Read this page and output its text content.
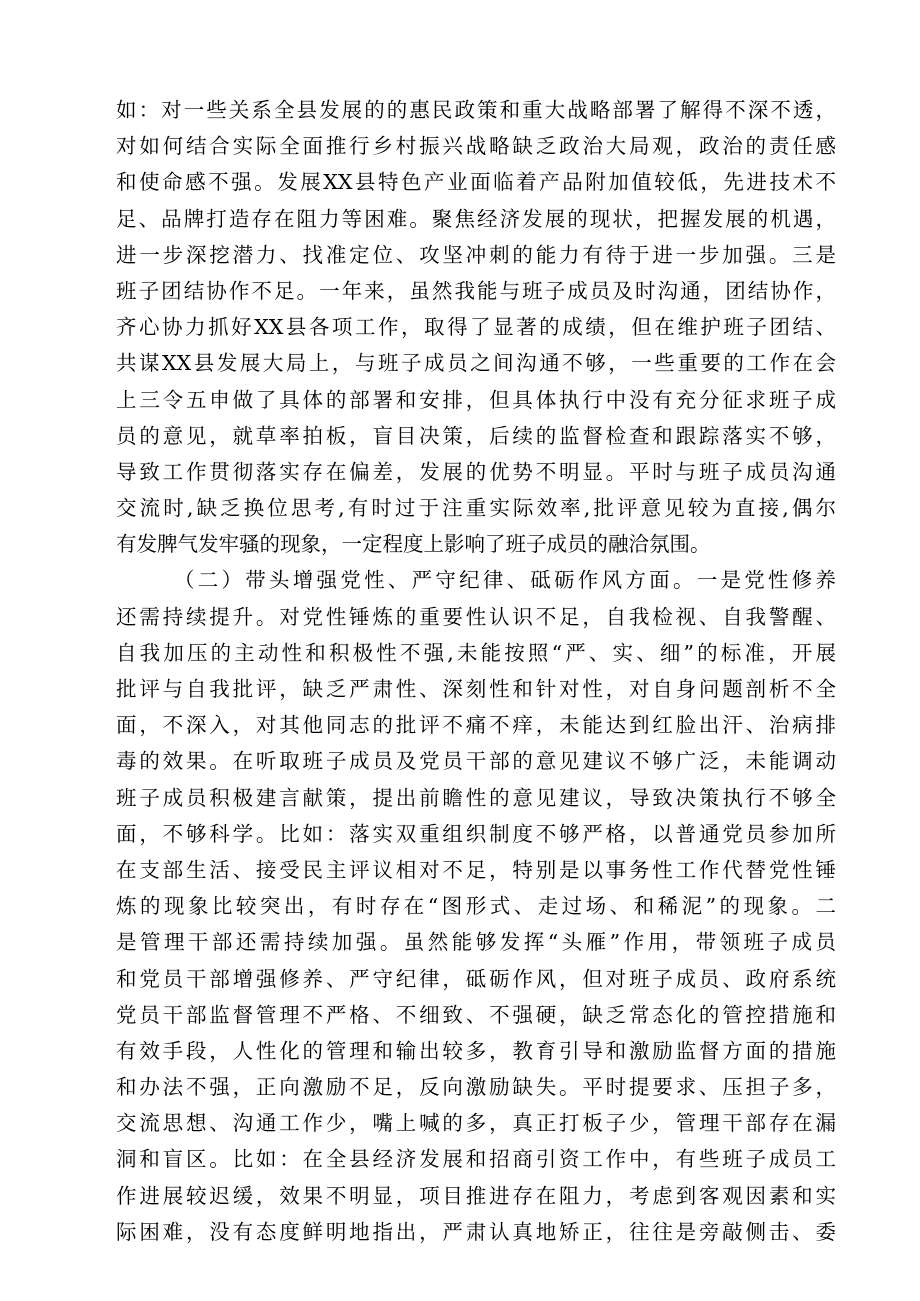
如：对一些关系全县发展的的惠民政策和重大战略部署了解得不深不透，
对如何结合实际全面推行乡村振兴战略缺乏政治大局观，政治的责任感
和使命感不强。发展XX县特色产业面临着产品附加值较低，先进技术不
足、品牌打造存在阻力等困难。聚焦经济发展的现状，把握发展的机遇，
进一步深挖潜力、找准定位、攻坚冲刺的能力有待于进一步加强。三是
班子团结协作不足。一年来，虽然我能与班子成员及时沟通，团结协作，
齐心协力抓好XX县各项工作，取得了显著的成绩，但在维护班子团结、
共谋XX县发展大局上，与班子成员之间沟通不够，一些重要的工作在会
上三令五申做了具体的部署和安排，但具体执行中没有充分征求班子成
员的意见，就草率拍板，盲目决策，后续的监督检查和跟踪落实不够，
导致工作贯彻落实存在偏差，发展的优势不明显。平时与班子成员沟通
交流时,缺乏换位思考,有时过于注重实际效率,批评意见较为直接,偶尔
有发脾气发牢骚的现象，一定程度上影响了班子成员的融洽氛围。
（二）带头增强党性、严守纪律、砥砺作风方面。一是党性修养
还需持续提升。对党性锤炼的重要性认识不足，自我检视、自我警醒、
自我加压的主动性和积极性不强,未能按照“严、实、细”的标准，开展
批评与自我批评，缺乏严肃性、深刻性和针对性，对自身问题剖析不全
面，不深入，对其他同志的批评不痛不痒，未能达到红脸出汗、治病排
毒的效果。在听取班子成员及党员干部的意见建议不够广泛，未能调动
班子成员积极建言献策，提出前瞻性的意见建议，导致决策执行不够全
面，不够科学。比如：落实双重组织制度不够严格，以普通党员参加所
在支部生活、接受民主评议相对不足，特别是以事务性工作代替党性锤
炼的现象比较突出，有时存在“图形式、走过场、和稀泥”的现象。二
是管理干部还需持续加强。虽然能够发挥“头雁”作用，带领班子成员
和党员干部增强修养、严守纪律，砥砺作风，但对班子成员、政府系统
党员干部监督管理不严格、不细致、不强硬，缺乏常态化的管控措施和
有效手段，人性化的管理和输出较多，教育引导和激励监督方面的措施
和办法不强，正向激励不足，反向激励缺失。平时提要求、压担子多，
交流思想、沟通工作少，嘴上喊的多，真正打板子少，管理干部存在漏
洞和盲区。比如：在全县经济发展和招商引资工作中，有些班子成员工
作进展较迟缓，效果不明显，项目推进存在阻力，考虑到客观因素和实
际困难，没有态度鲜明地指出，严肃认真地矫正，往往是旁敲侧击、委
